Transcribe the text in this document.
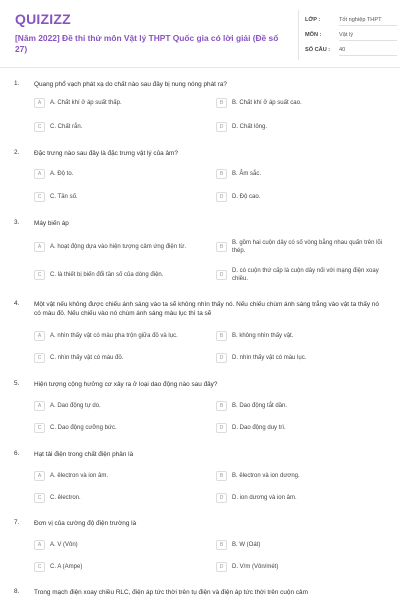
QUIZIZZ
[Năm 2022] Đề thi thử môn Vật lý THPT Quốc gia có lời giải (Đề số 27)
LỚP :	Tốt nghiệp THPT
MÔN :	Vật lý
SỐ CÂU : 40
1. Quang phổ vạch phát xạ do chất nào sau đây bị nung nóng phát ra?
A	A. Chất khí ở áp suất thấp.	B	B. Chất khí ở áp suất cao.
C	C. Chất rắn.	D	D. Chất lỏng.
2. Đặc trưng nào sau đây là đặc trưng vật lý của âm?
A	A. Độ to.	B	B. Âm sắc.
C	C. Tần số.	D	D. Độ cao.
3. Máy biến áp
A	A. hoạt động dựa vào hiện tượng cảm ứng điện từ.	B
B. gồm hai cuộn dây có số vòng bằng nhau quấn trên lõi thép.
C	C. là thiết bị biến đổi tần số của dòng điện.	D
D. có cuộn thứ cấp là cuộn dây nối với mạng điện xoay chiều.
4. Một vật nếu không được chiếu ánh sáng vào ta sẽ không nhìn thấy nó. Nếu chiếu chùm ánh sáng trắng vào vật ta thấy nó có màu đỏ. Nếu chiếu vào nó chùm ánh sáng màu lục thì ta sẽ
A	A. nhìn thấy vật có màu pha trộn giữa đỏ và lục.	B	B. không nhìn thấy vật.
C	C. nhìn thấy vật có màu đỏ.	D	D. nhìn thấy vật có màu lục.
5. Hiện tượng cộng hưởng cơ xảy ra ở loại dao động nào sau đây?
A	A. Dao động tự do.	B	B. Dao động tắt dần.
C	C. Dao động cưỡng bức.	D	D. Dao động duy trì.
6. Hạt tải điện trong chất điện phân là
A	A. êlectron và ion âm.	B	B. êlectron và ion dương.
C	C. êlectron.	D	D. ion dương và ion âm.
7. Đơn vị của cường độ điện trường là
A	A. V (Vôn)	B	B. W (Oát)
C	C. A (Ampe)	D	D. V/m (Vôn/mét)
8. Trong mạch điện xoay chiều RLC, điện áp tức thời trên tụ điện và điện áp tức thời trên cuộn cảm
